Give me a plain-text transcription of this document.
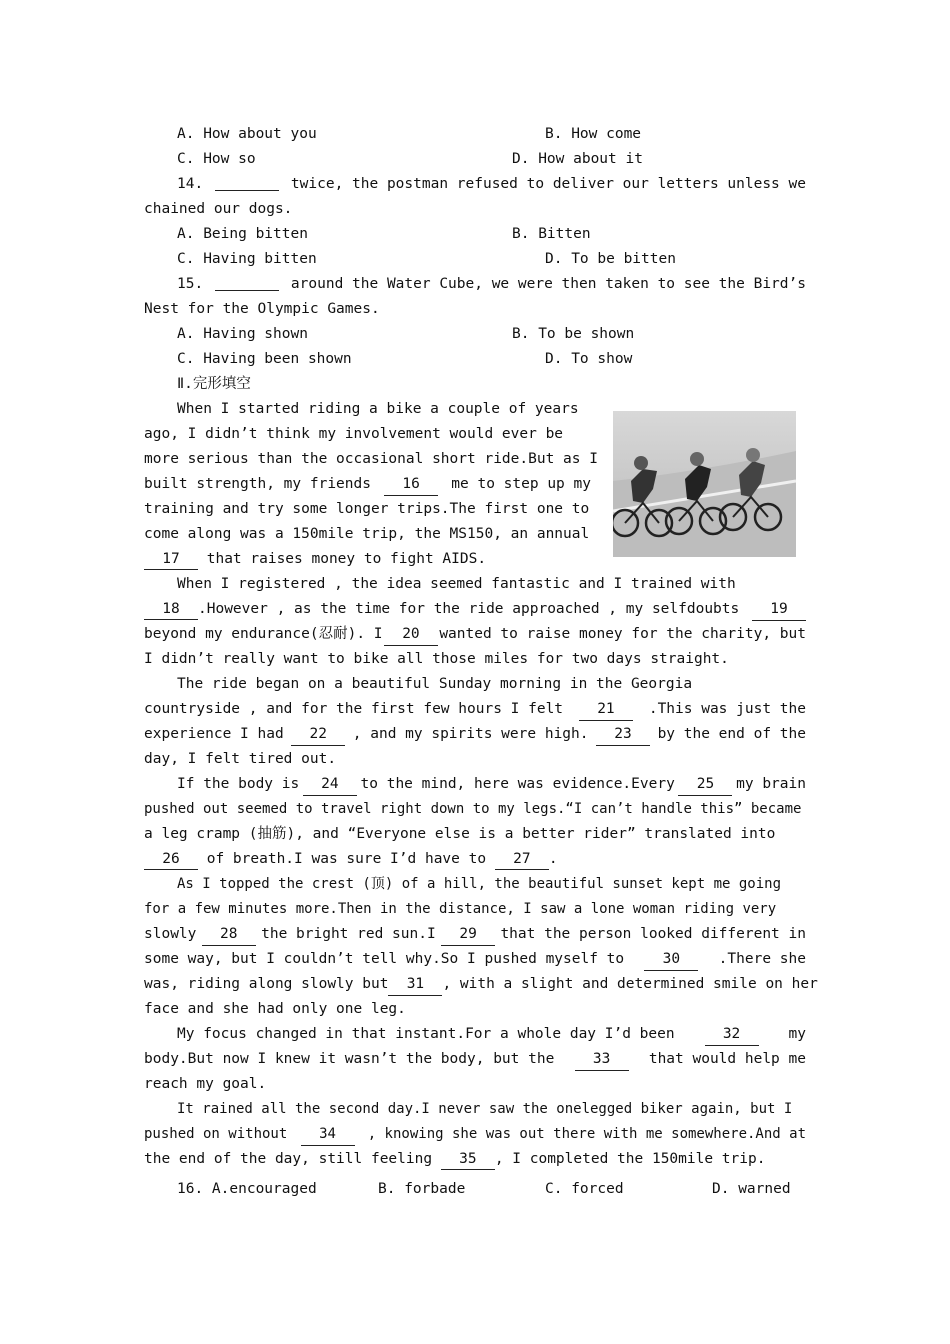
A. How about you	B. How come
C. How so	D. How about it
14.	twice, the postman refused to deliver our letters unless we
chained our dogs.
A. Being bitten	B. Bitten
C. Having bitten	D. To be bitten
15.	around the Water Cube, we were then taken to see the Bird’s
Nest for the Olympic Games.
A. Having shown	B. To be shown
C. Having been shown	D. To show
Ⅱ.完形填空
When I started riding a bike a couple of years
ago, I didn’t think my involvement would ever be
more serious than the occasional short ride.But as I
built strength, my friends	16	me to step up my
training and try some longer trips.The first one to
come along was a 150mile trip, the MS150, an annual
17 that raises money to fight AIDS.
When I registered , the idea seemed fantastic and I trained with
18 .However , as the time for the ride approached , my selfdoubts	19
beyond my endurance(忍耐). I	20	wanted to raise money for the charity, but
I didn’t really want to bike all those miles for two days straight.
The ride began on a beautiful Sunday morning in the Georgia
countryside , and for the first few hours I felt	21	.This was just the
experience I had	22	, and my spirits were high.	23	by the end of the
day, I felt tired out.
If the body is	24	to the mind, here was evidence.Every	25	my brain
pushed out seemed to travel right down to my legs.“I can’t handle this” became
a leg cramp (抽筋), and “Everyone else is a better rider” translated into
26 of breath.I was sure I’d have to 27 .
As I topped the crest (顶) of a hill, the beautiful sunset kept me going
for a few minutes more.Then in the distance, I saw a lone woman riding very
slowly	28	the bright red sun.I	29	that the person looked different in
some way, but I couldn’t tell why.So I pushed myself to	30	.There she
was, riding along slowly but	31	, with a slight and determined smile on her
face and she had only one leg.
My focus changed in that instant.For a whole day I’d been	32	my
body.But now I knew it wasn’t the body, but the	33	that would help me
reach my goal.
It rained all the second day.I never saw the onelegged biker again, but I
pushed on without	34	, knowing she was out there with me somewhere.And at
the end of the day, still feeling 35 , I completed the 150mile trip.
16. A.encouraged	B. forbade	C. forced	D. warned
